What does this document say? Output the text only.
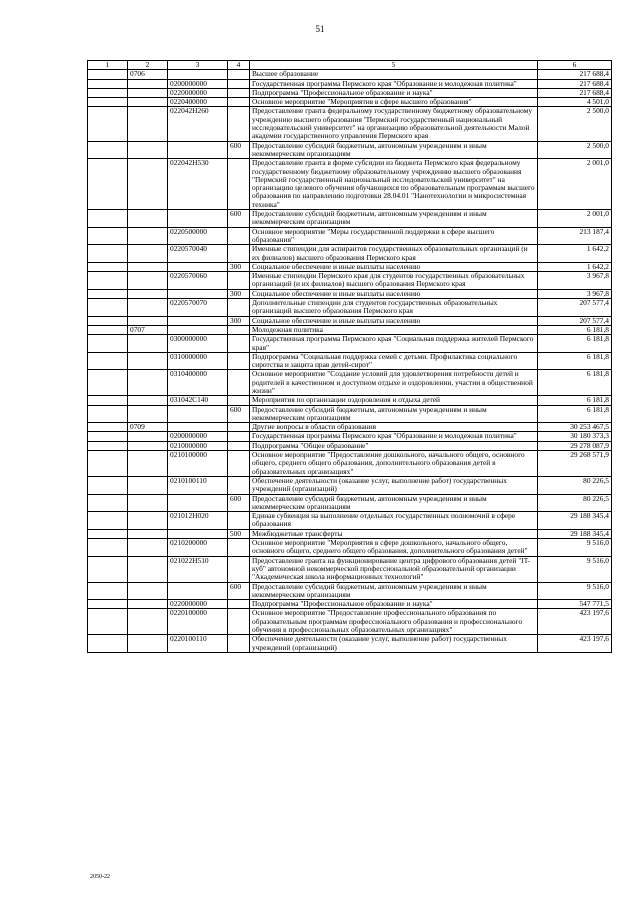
51
1	2	3	4	5	6
	0706			Высшее образование	217 688,4
		0200000000		Государственная программа Пермского края "Образование и молодежная политика"	217 688,4
		0220000000		Подпрограмма "Профессиональное образование и наука"	217 688,4
		0220400000		Основное мероприятие "Мероприятия в сфере высшего образования"	4 501,0
		022042Н260		Предоставление гранта федеральному государственному бюджетному образовательному учреждению высшего образования "Пермский государственный национальный исследовательский университет" на организацию образовательной деятельности Малой академии государственного управления Пермского края	2 500,0
			600	Предоставление субсидий бюджетным, автономным учреждениям и иным некоммерческим организациям	2 500,0
		022042Н530		Предоставление гранта в форме субсидии из бюджета Пермского края федеральному государственному бюджетному образовательному учреждению высшего образования "Пермский государственный национальный исследовательский университет" на организацию целевого обучения обучающихся по образовательным программам высшего образования по направлению подготовки 28.04.01 "Нанотехнологии и микросистемная техника"	2 001,0
			600	Предоставление субсидий бюджетным, автономным учреждениям и иным некоммерческим организациям	2 001,0
		0220500000		Основное мероприятие "Меры государственной поддержки в сфере высшего образования"	213 187,4
		0220570040		Именные стипендии для аспирантов государственных образовательных организаций (и их филиалов) высшего образования Пермского края	1 642,2
			300	Социальное обеспечение и иные выплаты населению	1 642,2
		0220570060		Именные стипендии Пермского края для студентов государственных образовательных организаций (и их филиалов) высшего образования Пермского края	3 967,8
			300	Социальное обеспечение и иные выплаты населению	3 967,8
		0220570070		Дополнительные стипендии для студентов государственных образовательных организаций высшего образования Пермского края	207 577,4
			300	Социальное обеспечение и иные выплаты населению	207 577,4
	0707			Молодежная политика	6 181,8
		0300000000		Государственная программа Пермского края "Социальная поддержка жителей Пермского края"	6 181,8
		0310000000		Подпрограмма "Социальная поддержка семей с детьми. Профилактика социального сиротства и защита прав детей-сирот"	6 181,8
		0310400000		Основное мероприятие "Создание условий для удовлетворения потребности детей и родителей в качественном и доступном отдыхе и оздоровлении, участии в общественной жизни"	6 181,8
		031042С140		Мероприятия по организации оздоровления и отдыха детей	6 181,8
			600	Предоставление субсидий бюджетным, автономным учреждениям и иным некоммерческим организациям	6 181,8
	0709			Другие вопросы в области образования	30 253 467,5
		0200000000		Государственная программа Пермского края "Образование и молодежная политика"	30 180 373,3
		0210000000		Подпрограмма "Общее образование"	29 278 087,9
		0210100000		Основное мероприятие "Предоставление дошкольного, начального общего, основного общего, среднего общего образования, дополнительного образования детей в образовательных организациях"	29 268 571,9
		0210100110		Обеспечение деятельности (оказание услуг, выполнение работ) государственных учреждений (организаций)	80 226,5
			600	Предоставление субсидий бюджетным, автономным учреждениям и иным некоммерческим организациям	80 226,5
		021012Н020		Единая субвенция на выполнение отдельных государственных полномочий в сфере образования	29 188 345,4
			500	Межбюджетные трансферты	29 188 345,4
		0210200000		Основное мероприятие "Мероприятия в сфере дошкольного, начального общего, основного общего, среднего общего образования, дополнительного образования детей"	9 516,0
		021022Н510		Предоставление гранта на функционирование центра цифрового образования детей "IT-куб" автономной некоммерческой профессиональной образовательной организации "Академическая школа информационных технологий"	9 516,0
			600	Предоставление субсидий бюджетным, автономным учреждениям и иным некоммерческим организациям	9 516,0
		0220000000		Подпрограмма "Профессиональное образование и наука"	547 771,5
		0220100000		Основное мероприятие "Предоставление профессионального образования по образовательным программам профессионального образования и профессионального обучения в профессиональных образовательных организациях"	423 197,6
		0220100110		Обеспечение деятельности (оказание услуг, выполнение работ) государственных учреждений (организаций)	423 197,6
2050-22
